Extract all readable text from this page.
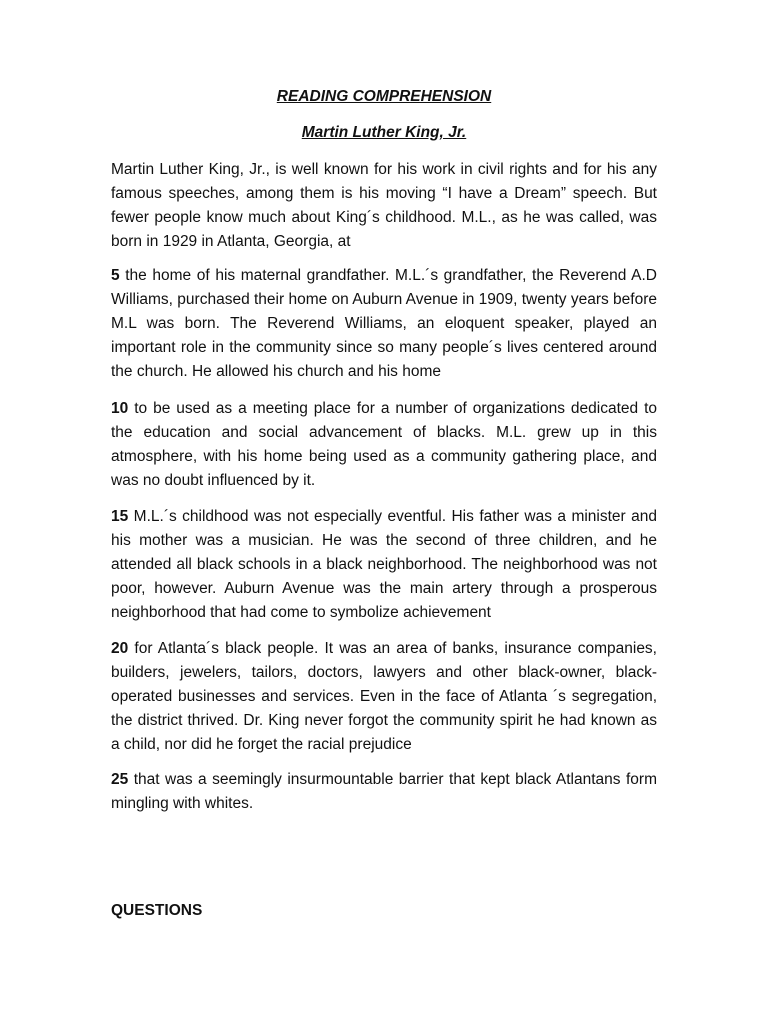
READING COMPREHENSION
Martin Luther King, Jr.

Martin Luther King, Jr., is well known for his work in civil rights and for his any famous speeches, among them is his moving “I have a Dream” speech. But fewer people know much about King´s childhood. M.L., as he was called, was born in 1929 in Atlanta, Georgia, at

5 the home of his maternal grandfather. M.L.´s grandfather, the Reverend A.D Williams, purchased their home on Auburn Avenue in 1909, twenty years before M.L was born. The Reverend Williams, an eloquent speaker, played an important role in the community since so many people´s lives centered around the church. He allowed his church and his home

10 to be used as a meeting place for a number of organizations dedicated to the education and social advancement of blacks. M.L. grew up in this atmosphere, with his home being used as a community gathering place, and was no doubt influenced by it.

15 M.L.´s childhood was not especially eventful. His father was a minister and his mother was a musician. He was the second of three children, and he attended all black schools in a black neighborhood. The neighborhood was not poor, however. Auburn Avenue was the main artery through a prosperous neighborhood that had come to symbolize achievement

20 for Atlanta´s black people. It was an area of banks, insurance companies, builders, jewelers, tailors, doctors, lawyers and other black-owner, black-operated businesses and services. Even in the face of Atlanta ´s segregation, the district thrived. Dr. King never forgot the community spirit he had known as a child, nor did he forget the racial prejudice

25 that was a seemingly insurmountable barrier that kept black Atlantans form mingling with whites.

QUESTIONS
